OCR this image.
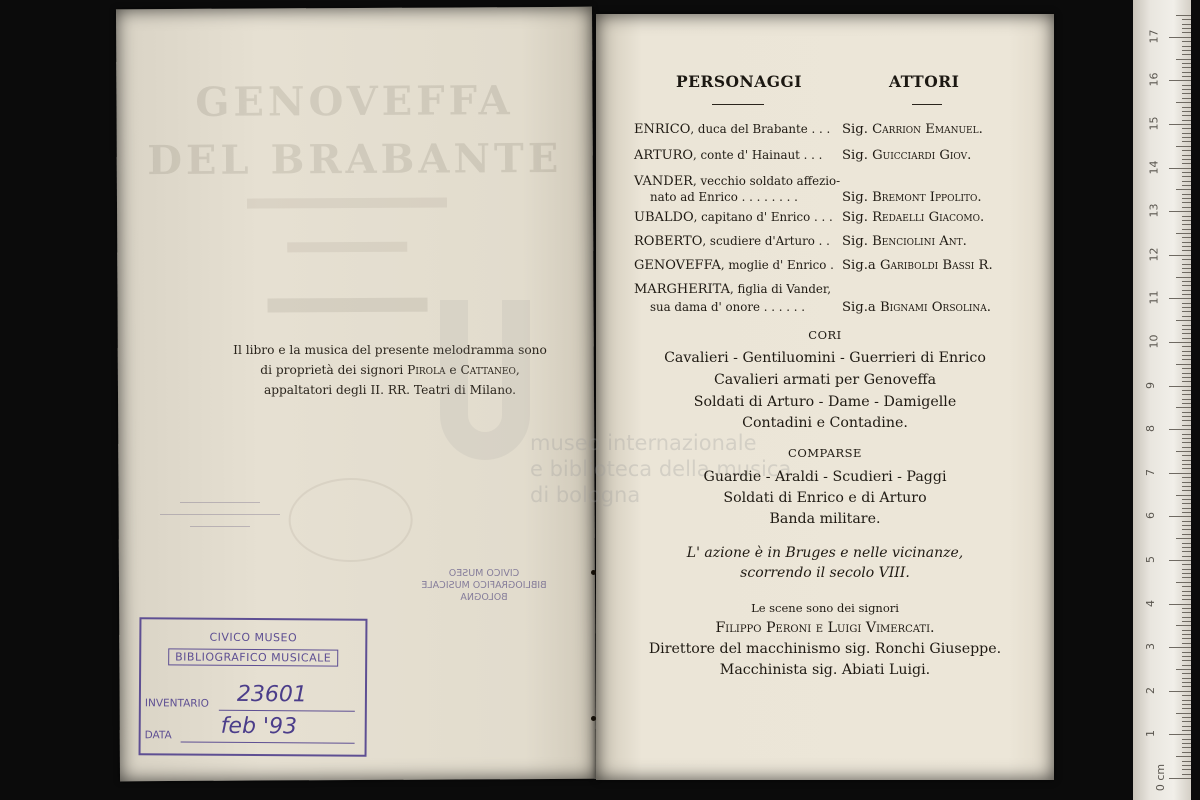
GENOVEFFA
DEL BRABANTE
Il libro e la musica del presente melodramma sono
di proprietà dei signori Pirola e Cattaneo,
appaltatori degli II. RR. Teatri di Milano.
CIVICO MUSEO
BIBLIOGRAFICO MUSICALE
BOLOGNA
CIVICO MUSEO
BIBLIOGRAFICO MUSICALE
INVENTARIO 23601
DATA feb '93
museo internazionale
e biblioteca della musica
di bologna
PERSONAGGI	ATTORI
ENRICO, duca del Brabante . . . Sig. Carrion Emanuel.
ARTURO, conte d' Hainaut . . . Sig. Guicciardi Giov.
VANDER, vecchio soldato affezio-
nato ad Enrico . . . . . . . .	Sig. Bremont Ippolito.
UBALDO, capitano d' Enrico . . . Sig. Redaelli Giacomo.
ROBERTO, scudiere d'Arturo . . Sig. Benciolini Ant.
GENOVEFFA, moglie d' Enrico . Sig.a Gariboldi Bassi R.
MARGHERITA, figlia di Vander,
sua dama d' onore . . . . . .	Sig.a Bignami Orsolina.
CORI
Cavalieri - Gentiluomini - Guerrieri di Enrico
Cavalieri armati per Genoveffa
Soldati di Arturo - Dame - Damigelle
Contadini e Contadine.
COMPARSE
Guardie - Araldi - Scudieri - Paggi
Soldati di Enrico e di Arturo
Banda militare.
L' azione è in Bruges e nelle vicinanze,
scorrendo il secolo VIII.
Le scene sono dei signori
Filippo Peroni e Luigi Vimercati.
Direttore del macchinismo sig. Ronchi Giuseppe.
Macchinista sig. Abiati Luigi.
0 cm
1
2
3
4
5
6
7
8
9
10
11
12
13
14
15
16
17
